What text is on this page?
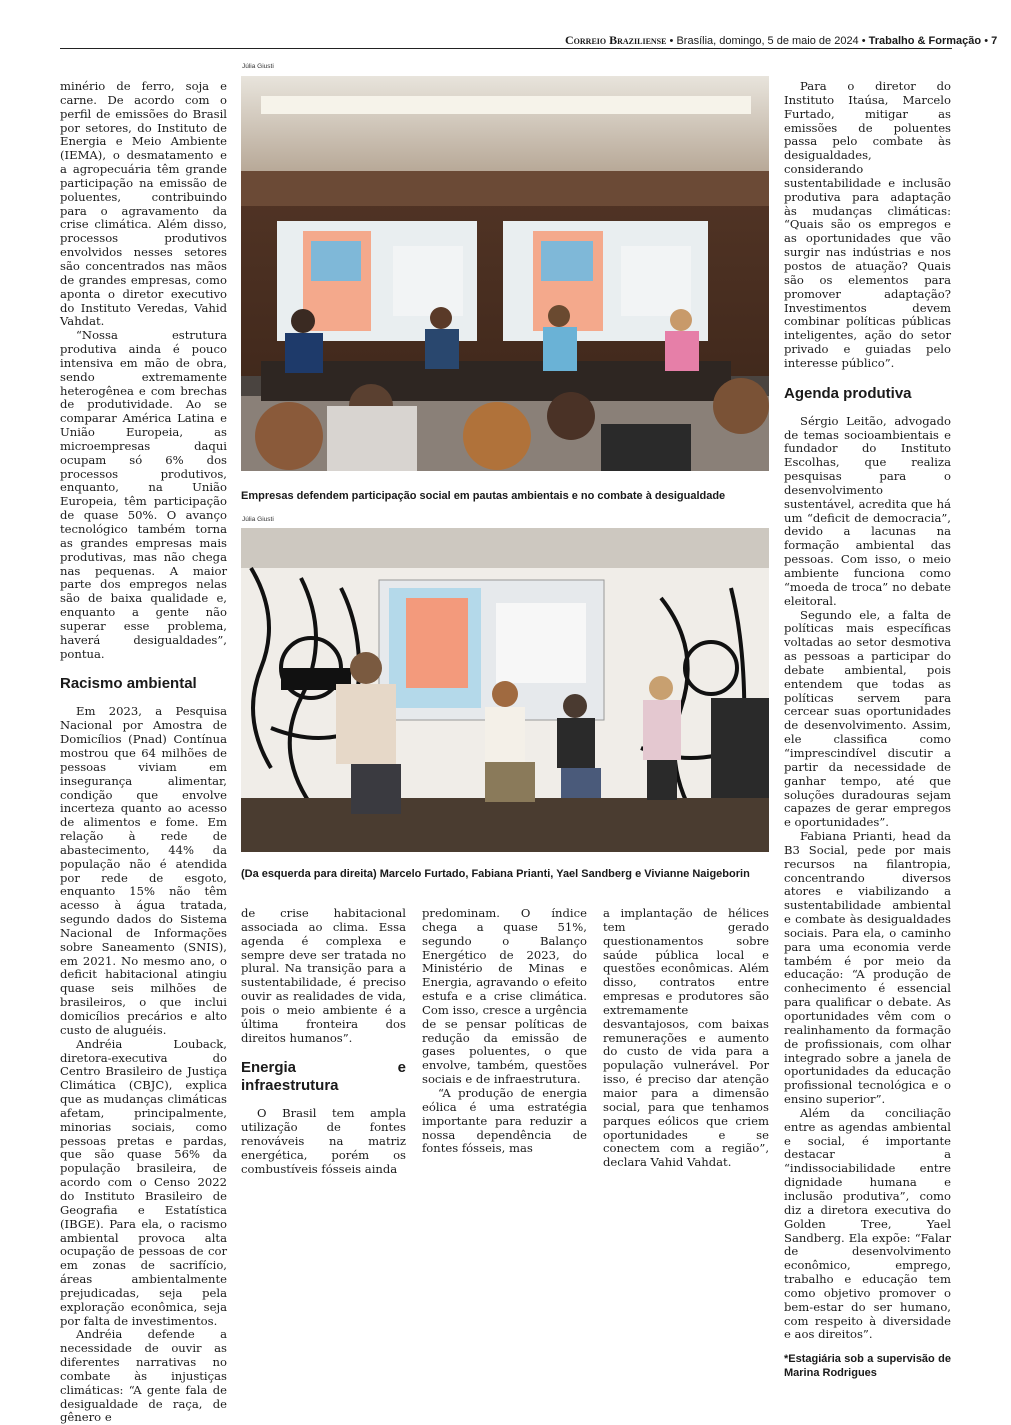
Correio Braziliense • Brasília, domingo, 5 de maio de 2024 • Trabalho & Formação • 7

minério de ferro, soja e carne. De acordo com o perfil de emissões do Brasil por setores, do Instituto de Energia e Meio Ambiente (IEMA), o desmatamento e a agropecuária têm grande participação na emissão de poluentes, contribuindo para o agravamento da crise climática. Além disso, processos produtivos envolvidos nesses setores são concentrados nas mãos de grandes empresas, como aponta o diretor executivo do Instituto Veredas, Vahid Vahdat.

“Nossa estrutura produtiva ainda é pouco intensiva em mão de obra, sendo extremamente heterogênea e com brechas de produtividade. Ao se comparar América Latina e União Europeia, as microempresas daqui ocupam só 6% dos processos produtivos, enquanto, na União Europeia, têm participação de quase 50%. O avanço tecnológico também torna as grandes empresas mais produtivas, mas não chega nas pequenas. A maior parte dos empregos nelas são de baixa qualidade e, enquanto a gente não superar esse problema, haverá desigualdades”, pontua.

Racismo ambiental

Em 2023, a Pesquisa Nacional por Amostra de Domicílios (Pnad) Contínua mostrou que 64 milhões de pessoas viviam em insegurança alimentar, condição que envolve incerteza quanto ao acesso de alimentos e fome. Em relação à rede de abastecimento, 44% da população não é atendida por rede de esgoto, enquanto 15% não têm acesso à água tratada, segundo dados do Sistema Nacional de Informações sobre Saneamento (SNIS), em 2021. No mesmo ano, o deficit habitacional atingiu quase seis milhões de brasileiros, o que inclui domicílios precários e alto custo de aluguéis.

Andréia Louback, diretora-executiva do Centro Brasileiro de Justiça Climática (CBJC), explica que as mudanças climáticas afetam, principalmente, minorias sociais, como pessoas pretas e pardas, que são quase 56% da população brasileira, de acordo com o Censo 2022 do Instituto Brasileiro de Geografia e Estatística (IBGE). Para ela, o racismo ambiental provoca alta ocupação de pessoas de cor em zonas de sacrifício, áreas ambientalmente prejudicadas, seja pela exploração econômica, seja por falta de investimentos.

Andréia defende a necessidade de ouvir as diferentes narrativas no combate às injustiças climáticas: “A gente fala de desigualdade de raça, de gênero e

Júlia Giusti
Empresas defendem participação social em pautas ambientais e no combate à desigualdade
Júlia Giusti
(Da esquerda para direita) Marcelo Furtado, Fabiana Prianti, Yael Sandberg e Vivianne Naigeborin

de crise habitacional associada ao clima. Essa agenda é complexa e sempre deve ser tratada no plural. Na transição para a sustentabilidade, é preciso ouvir as realidades de vida, pois o meio ambiente é a última fronteira dos direitos humanos”.

Energia e infraestrutura

O Brasil tem ampla utilização de fontes renováveis na matriz energética, porém os combustíveis fósseis ainda

predominam. O índice chega a quase 51%, segundo o Balanço Energético de 2023, do Ministério de Minas e Energia, agravando o efeito estufa e a crise climática. Com isso, cresce a urgência de se pensar políticas de redução da emissão de gases poluentes, o que envolve, também, questões sociais e de infraestrutura.

“A produção de energia eólica é uma estratégia importante para reduzir a nossa dependência de fontes fósseis, mas

a implantação de hélices tem gerado questionamentos sobre saúde pública local e questões econômicas. Além disso, contratos entre empresas e produtores são extremamente desvantajosos, com baixas remunerações e aumento do custo de vida para a população vulnerável. Por isso, é preciso dar atenção maior para a dimensão social, para que tenhamos parques eólicos que criem oportunidades e se conectem com a região”, declara Vahid Vahdat.

Para o diretor do Instituto Itaúsa, Marcelo Furtado, mitigar as emissões de poluentes passa pelo combate às desigualdades, considerando sustentabilidade e inclusão produtiva para adaptação às mudanças climáticas: “Quais são os empregos e as oportunidades que vão surgir nas indústrias e nos postos de atuação? Quais são os elementos para promover adaptação? Investimentos devem combinar políticas públicas inteligentes, ação do setor privado e guiadas pelo interesse público”.

Agenda produtiva

Sérgio Leitão, advogado de temas socioambientais e fundador do Instituto Escolhas, que realiza pesquisas para o desenvolvimento sustentável, acredita que há um “deficit de democracia”, devido a lacunas na formação ambiental das pessoas. Com isso, o meio ambiente funciona como “moeda de troca” no debate eleitoral.

Segundo ele, a falta de políticas mais específicas voltadas ao setor desmotiva as pessoas a participar do debate ambiental, pois entendem que todas as políticas servem para cercear suas oportunidades de desenvolvimento. Assim, ele classifica como “imprescindível discutir a partir da necessidade de ganhar tempo, até que soluções duradouras sejam capazes de gerar empregos e oportunidades”.

Fabiana Prianti, head da B3 Social, pede por mais recursos na filantropia, concentrando diversos atores e viabilizando a sustentabilidade ambiental e combate às desigualdades sociais. Para ela, o caminho para uma economia verde também é por meio da educação: “A produção de conhecimento é essencial para qualificar o debate. As oportunidades vêm com o realinhamento da formação de profissionais, com olhar integrado sobre a janela de oportunidades da educação profissional tecnológica e o ensino superior”.

Além da conciliação entre as agendas ambiental e social, é importante destacar a “indissociabilidade entre dignidade humana e inclusão produtiva”, como diz a diretora executiva do Golden Tree, Yael Sandberg. Ela expõe: “Falar de desenvolvimento econômico, emprego, trabalho e educação tem como objetivo promover o bem-estar do ser humano, com respeito à diversidade e aos direitos”.

*Estagiária sob a supervisão de Marina Rodrigues
